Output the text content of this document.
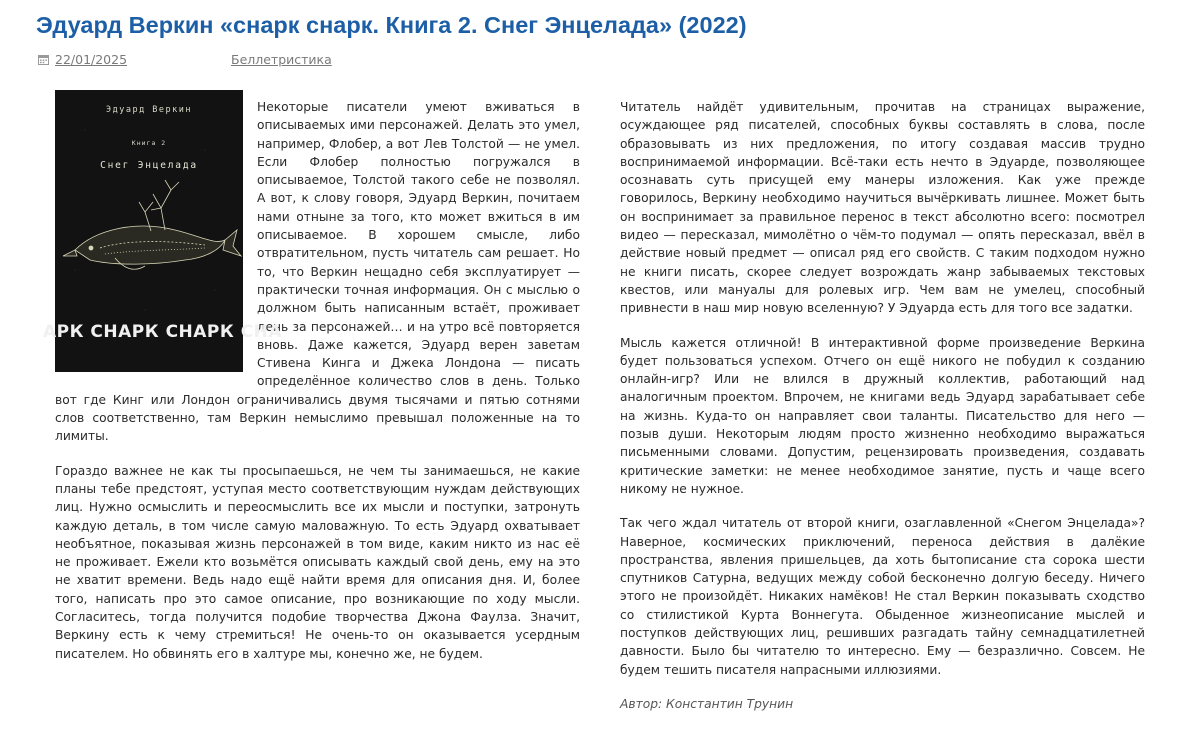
Эдуард Веркин «снарк снарк. Книга 2. Снег Энцелада» (2022)
22/01/2025	Беллетристика
Эдуард Веркин
Книга 2
Снег Энцелада
АРК СНАРК СНАРК СНА

Некоторые писатели умеют вживаться в описываемых ими персонажей. Делать это умел, например, Флобер, а вот Лев Толстой — не умел. Если Флобер полностью погружался в описываемое, Толстой такого себе не позволял. А вот, к слову говоря, Эдуард Веркин, почитаем нами отныне за того, кто может вжиться в им описываемое. В хорошем смысле, либо отвратительном, пусть читатель сам решает. Но то, что Веркин нещадно себя эксплуатирует — практически точная информация. Он с мыслью о должном быть написанным встаёт, проживает день за персонажей… и на утро всё повторяется вновь. Даже кажется, Эдуард верен заветам Стивена Кинга и Джека Лондона — писать определённое количество слов в день. Только вот где Кинг или Лондон ограничивались двумя тысячами и пятью сотнями слов соответственно, там Веркин немыслимо превышал положенные на то лимиты.

Гораздо важнее не как ты просыпаешься, не чем ты занимаешься, не какие планы тебе предстоят, уступая место соответствующим нуждам действующих лиц. Нужно осмыслить и переосмыслить все их мысли и поступки, затронуть каждую деталь, в том числе самую маловажную. То есть Эдуард охватывает необъятное, показывая жизнь персонажей в том виде, каким никто из нас её не проживает. Ежели кто возьмётся описывать каждый свой день, ему на это не хватит времени. Ведь надо ещё найти время для описания дня. И, более того, написать про это самое описание, про возникающие по ходу мысли. Согласитесь, тогда получится подобие творчества Джона Фаулза. Значит, Веркину есть к чему стремиться! Не очень-то он оказывается усердным писателем. Но обвинять его в халтуре мы, конечно же, не будем.

Читатель найдёт удивительным, прочитав на страницах выражение, осуждающее ряд писателей, способных буквы составлять в слова, после образовывать из них предложения, по итогу создавая массив трудно воспринимаемой информации. Всё-таки есть нечто в Эдуарде, позволяющее осознавать суть присущей ему манеры изложения. Как уже прежде говорилось, Веркину необходимо научиться вычёркивать лишнее. Может быть он воспринимает за правильное перенос в текст абсолютно всего: посмотрел видео — пересказал, мимолётно о чём-то подумал — опять пересказал, ввёл в действие новый предмет — описал ряд его свойств. С таким подходом нужно не книги писать, скорее следует возрождать жанр забываемых текстовых квестов, или мануалы для ролевых игр. Чем вам не умелец, способный привнести в наш мир новую вселенную? У Эдуарда есть для того все задатки.

Мысль кажется отличной! В интерактивной форме произведение Веркина будет пользоваться успехом. Отчего он ещё никого не побудил к созданию онлайн-игр? Или не влился в дружный коллектив, работающий над аналогичным проектом. Впрочем, не книгами ведь Эдуард зарабатывает себе на жизнь. Куда-то он направляет свои таланты. Писательство для него — позыв души. Некоторым людям просто жизненно необходимо выражаться письменными словами. Допустим, рецензировать произведения, создавать критические заметки: не менее необходимое занятие, пусть и чаще всего никому не нужное.

Так чего ждал читатель от второй книги, озаглавленной «Снегом Энцелада»? Наверное, космических приключений, переноса действия в далёкие пространства, явления пришельцев, да хоть бытописание ста сорока шести спутников Сатурна, ведущих между собой бесконечно долгую беседу. Ничего этого не произойдёт. Никаких намёков! Не стал Веркин показывать сходство со стилистикой Курта Воннегута. Обыденное жизнеописание мыслей и поступков действующих лиц, решивших разгадать тайну семнадцатилетней давности. Было бы читателю то интересно. Ему — безразлично. Совсем. Не будем тешить писателя напрасными иллюзиями.

Автор: Константин Трунин
